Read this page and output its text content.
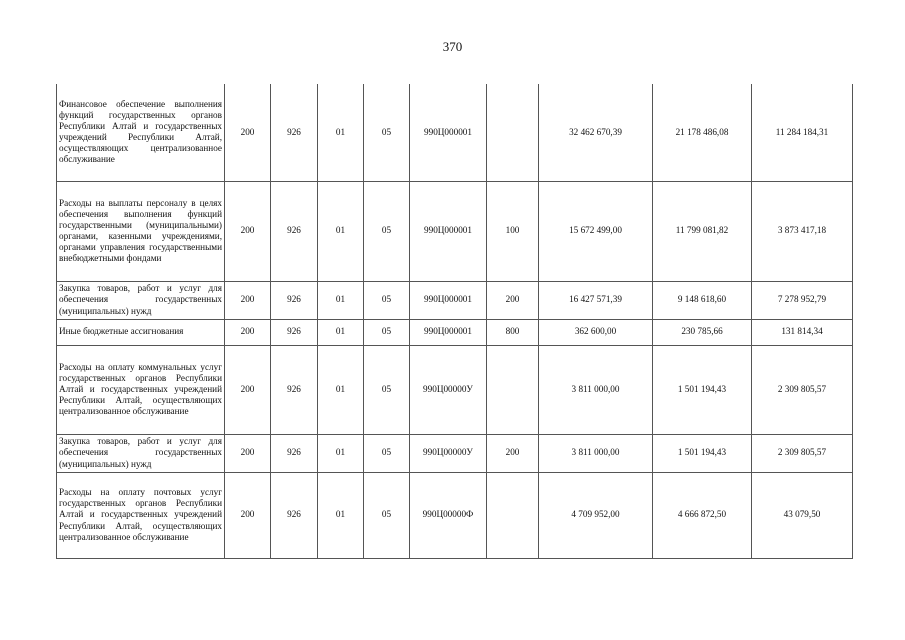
370
Финансовое обеспечение выполнения функций государственных органов Республики Алтай и государственных учреждений Республики Алтай, осуществляющих централизованное обслуживание	200	926	01	05	990Ц000001		32 462 670,39	21 178 486,08	11 284 184,31
Расходы на выплаты персоналу в целях обеспечения выполнения функций государственными (муниципальными) органами, казенными учреждениями, органами управления государственными внебюджетными фондами	200	926	01	05	990Ц000001	100	15 672 499,00	11 799 081,82	3 873 417,18
Закупка товаров, работ и услуг для обеспечения государственных (муниципальных) нужд	200	926	01	05	990Ц000001	200	16 427 571,39	9 148 618,60	7 278 952,79
Иные бюджетные ассигнования	200	926	01	05	990Ц000001	800	362 600,00	230 785,66	131 814,34
Расходы на оплату коммунальных услуг государственных органов Республики Алтай и государственных учреждений Республики Алтай, осуществляющих централизованное обслуживание	200	926	01	05	990Ц00000У		3 811 000,00	1 501 194,43	2 309 805,57
Закупка товаров, работ и услуг для обеспечения государственных (муниципальных) нужд	200	926	01	05	990Ц00000У	200	3 811 000,00	1 501 194,43	2 309 805,57
Расходы на оплату почтовых услуг государственных органов Республики Алтай и государственных учреждений Республики Алтай, осуществляющих централизованное обслуживание	200	926	01	05	990Ц00000Ф		4 709 952,00	4 666 872,50	43 079,50
